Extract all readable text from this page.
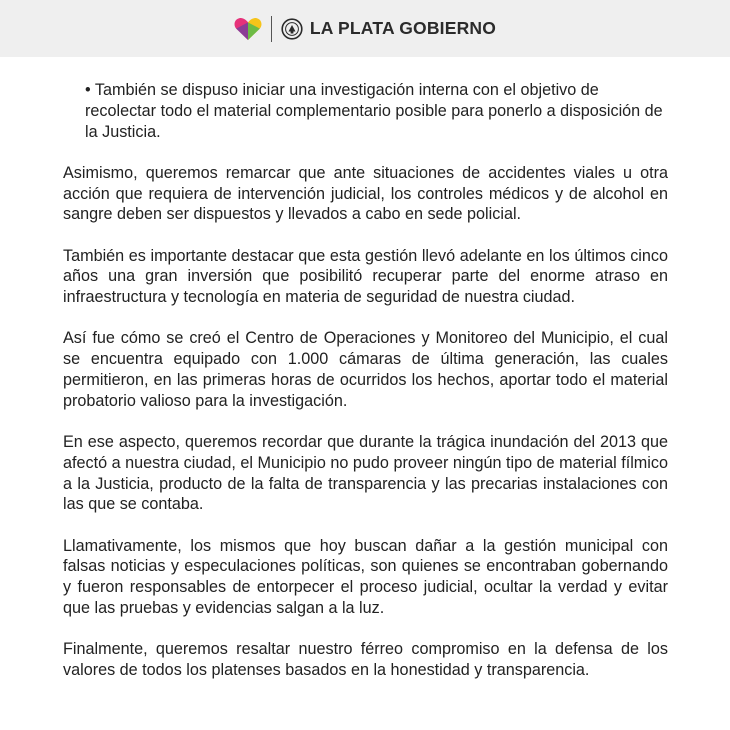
LA PLATA GOBIERNO

• También se dispuso iniciar una investigación interna con el objetivo de recolectar todo el material complementario posible para ponerlo a disposición de la Justicia.

Asimismo, queremos remarcar que ante situaciones de accidentes viales u otra acción que requiera de intervención judicial, los controles médicos y de alcohol en sangre deben ser dispuestos y llevados a cabo en sede policial.

También es importante destacar que esta gestión llevó adelante en los últimos cinco años una gran inversión que posibilitó recuperar parte del enorme atraso en infraestructura y tecnología en materia de seguridad de nuestra ciudad.

Así fue cómo se creó el Centro de Operaciones y Monitoreo del Municipio, el cual se encuentra equipado con 1.000 cámaras de última generación, las cuales permitieron, en las primeras horas de ocurridos los hechos, aportar todo el material probatorio valioso para la investigación.

En ese aspecto, queremos recordar que durante la trágica inundación del 2013 que afectó a nuestra ciudad, el Municipio no pudo proveer ningún tipo de material fílmico a la Justicia, producto de la falta de transparencia y las precarias instalaciones con las que se contaba.

Llamativamente, los mismos que hoy buscan dañar a la gestión municipal con falsas noticias y especulaciones políticas, son quienes se encontraban gobernando y fueron responsables de entorpecer el proceso judicial, ocultar la verdad y evitar que las pruebas y evidencias salgan a la luz.

Finalmente, queremos resaltar nuestro férreo compromiso en la defensa de los valores de todos los platenses basados en la honestidad y transparencia.
